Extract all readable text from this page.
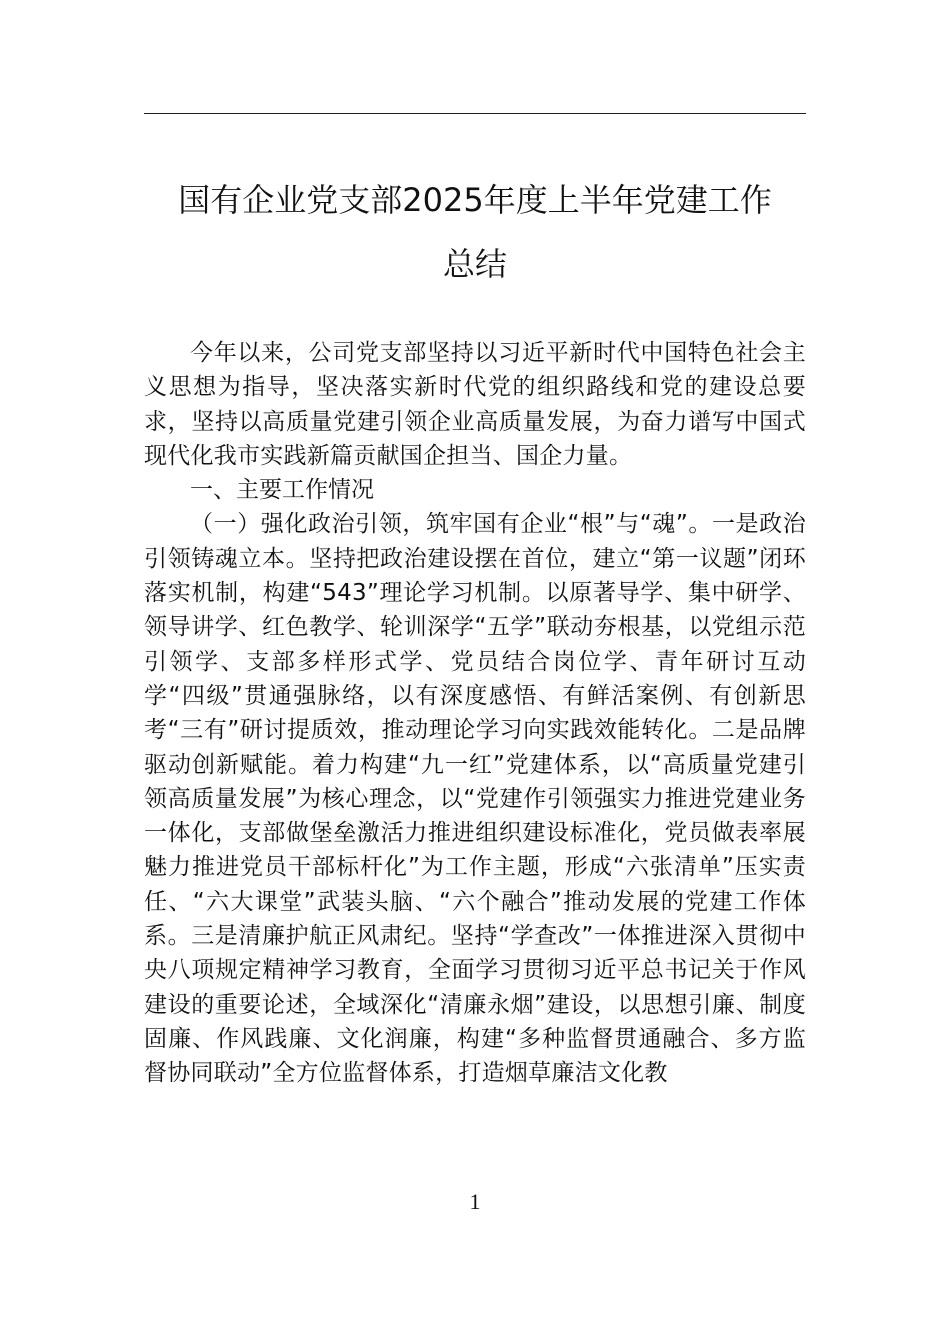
国有企业党支部2025年度上半年党建工作
总结

今年以来，公司党支部坚持以习近平新时代中国特色社会主义思想为指导，坚决落实新时代党的组织路线和党的建设总要求，坚持以高质量党建引领企业高质量发展，为奋力谱写中国式现代化我市实践新篇贡献国企担当、国企力量。

一、主要工作情况

（一）强化政治引领，筑牢国有企业“根”与“魂”。一是政治引领铸魂立本。坚持把政治建设摆在首位，建立“第一议题”闭环落实机制，构建“543”理论学习机制。以原著导学、集中研学、领导讲学、红色教学、轮训深学“五学”联动夯根基，以党组示范引领学、支部多样形式学、党员结合岗位学、青年研讨互动学“四级”贯通强脉络，以有深度感悟、有鲜活案例、有创新思考“三有”研讨提质效，推动理论学习向实践效能转化。二是品牌驱动创新赋能。着力构建“九一红”党建体系，以“高质量党建引领高质量发展”为核心理念，以“党建作引领强实力推进党建业务一体化，支部做堡垒激活力推进组织建设标准化，党员做表率展魅力推进党员干部标杆化”为工作主题，形成“六张清单”压实责任、“六大课堂”武装头脑、“六个融合”推动发展的党建工作体系。三是清廉护航正风肃纪。坚持“学查改”一体推进深入贯彻中央八项规定精神学习教育，全面学习贯彻习近平总书记关于作风建设的重要论述，全域深化“清廉永烟”建设，以思想引廉、制度固廉、作风践廉、文化润廉，构建“多种监督贯通融合、多方监督协同联动”全方位监督体系，打造烟草廉洁文化教

1
